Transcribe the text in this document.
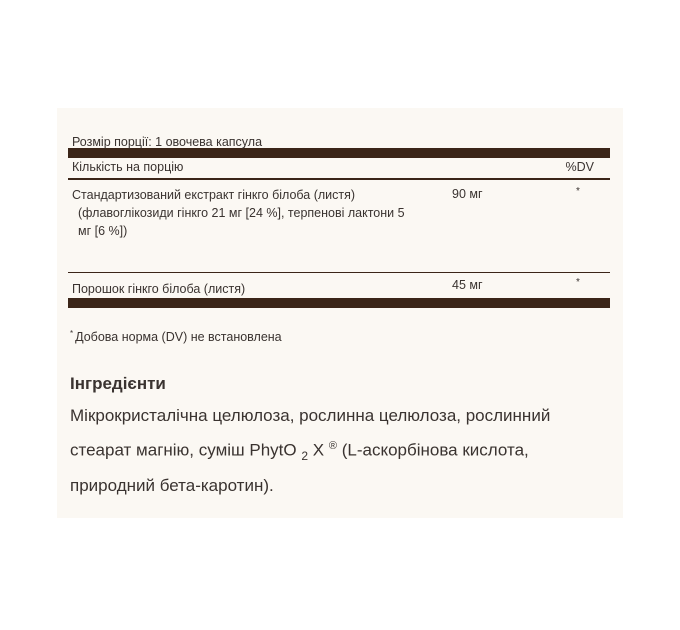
Розмір порції: 1 овочева капсула
Кількість на порцію	%DV
Стандартизований екстракт гінкго білоба (листя)
(флавоглікозиди гінкго 21 мг [24 %], терпенові лактони 5 мг [6 %])
90 мг	*
Порошок гінкго білоба (листя)	45 мг	*
* Добова норма (DV) не встановлена
Інгредієнти
Мікрокристалічна целюлоза, рослинна целюлоза, рослинний стеарат магнію, суміш PhytO $_2$ X ® (L-аскорбінова кислота, природний бета-каротин).
